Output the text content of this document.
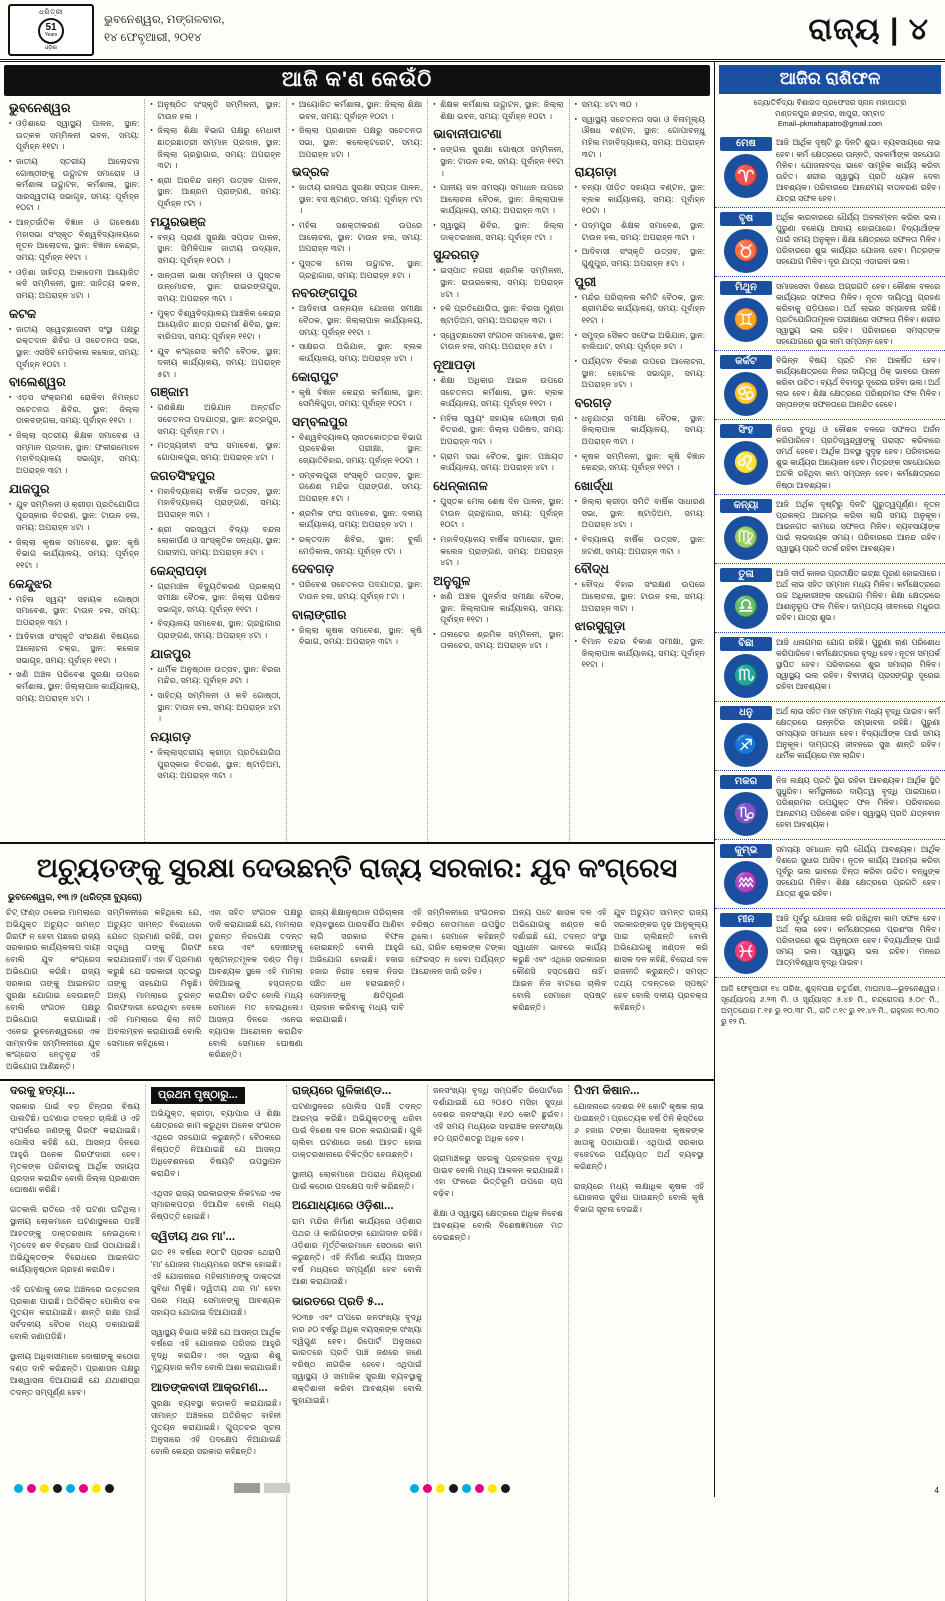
ଧରିତ୍ରୀ
51
Years
ଓଡ଼ିଶା
ଭୁବନେଶ୍ୱର, ମଙ୍ଗଳବାର,
୧୪ ଫେବୃଆରୀ, ୨୦୧୪	ରାଜ୍ୟ | ୪
ଆଜି କ'ଣ କେଉଁଠି
ଭୁବନେଶ୍ୱର
● ଓଡ଼ିଶାରେ ସ୍ୱାସ୍ଥ୍ୟ ପାଳନ, ସ୍ଥାନ: ଉତ୍କଳ ସମ୍ମିଳନୀ ଭବନ, ସମୟ: ପୂର୍ବାହ୍ନ ୧୧ଟା ।
● ଜାତୀୟ ସ୍ତରୀୟ ଆଲୋଚନା ଗୋଷ୍ଠୀଙ୍କୁ ଉଦ୍ଘାଟନ ସମାରୋହ ଓ କର୍ମଶାଳା ଉଦ୍ଘାଟନ, କର୍ମଶାଳା, ସ୍ଥାନ: ସାରସ୍ୱତୀୟ ସଭାଗୃହ, ସମୟ: ପୂର୍ବାହ୍ନ ୧୦ଟା ।
● ଆନ୍ତର୍ଜାତିକ ବିଜ୍ଞାନ ଓ ଗବେଷଣା ମହାସଭା ସଂସ୍କୃତ ବିଶ୍ୱବିଦ୍ୟାଳୟରେ ନୂତନ ଆଲୋଚନା, ସ୍ଥାନ: ବିଜ୍ଞାନ କେନ୍ଦ୍ର, ସମୟ: ପୂର୍ବାହ୍ନ ୧୧ଟା ।
● ଓଡ଼ିଶା ସାହିତ୍ୟ ଅକାଡେମୀ ଆୟୋଜିତ କବି ସମ୍ମିଳନୀ, ସ୍ଥାନ: ସାହିତ୍ୟ ଭବନ, ସମୟ: ଅପରାହ୍ନ ୪ଟା ।
କଟକ
● ଜାତୀୟ ସ୍ୱେଚ୍ଛାସେବୀ ସଂସ୍ଥା ପକ୍ଷରୁ ରକ୍ତଦାନ ଶିବିର ଓ ସଚେତନତା ସଭା, ସ୍ଥାନ: ଏସସିବି ମେଡ଼ିକାଲ କଲେଜ, ସମୟ: ପୂର୍ବାହ୍ନ ୧୦ଟା ।
ବାଲେଶ୍ୱର
● ଏଡ଼ସ ସଂକ୍ରମଣ ରୋକିବା ନିମନ୍ତେ ସଚେତନତା ଶିବିର, ସ୍ଥାନ: ଜିଲ୍ଲା ଡାକବଙ୍ଗଳା, ସମୟ: ପୂର୍ବାହ୍ନ ୧୧ଟା ।
● ଜିଲ୍ଲା ସ୍ତରୀୟ ଶିକ୍ଷକ ସମାବେଶ ଓ ସମ୍ମାନ ପ୍ରଦାନ, ସ୍ଥାନ: ଫକୀରମୋହନ ମହାବିଦ୍ୟାଳୟ ସଭାଗୃହ, ସମୟ: ଅପରାହ୍ନ ୩ଟା ।
ଯାଜପୁର
● ଯୁବ ସମ୍ମିଳନୀ ଓ କ୍ରୀଡ଼ା ପ୍ରତିଯୋଗିତା ପୁରସ୍କାର ବିତରଣ, ସ୍ଥାନ: ଟାଉନ ହଲ, ସମୟ: ଅପରାହ୍ନ ୪ଟା ।
● ଜିଲ୍ଲା କୃଷକ ସମାବେଶ, ସ୍ଥାନ: କୃଷି ବିଭାଗ କାର୍ଯ୍ୟାଳୟ, ସମୟ: ପୂର୍ବାହ୍ନ ୧୧ଟା ।
କେନ୍ଦୁଝର
● ମହିଳା ସ୍ୱୟଂ ସହାୟକ ଗୋଷ୍ଠୀ ସମାବେଶ, ସ୍ଥାନ: ଟାଉନ ହଲ, ସମୟ: ଅପରାହ୍ନ ୩ଟା ।
● ଆଦିବାସୀ ସଂସ୍କୃତି ସଂରକ୍ଷଣ ବିଷୟରେ ଆଲୋଚନା ଚକ୍ର, ସ୍ଥାନ: କଲେଜ ସଭାଗୃହ, ସମୟ: ପୂର୍ବାହ୍ନ ୧୧ଟା ।
● ଖଣି ଅଞ୍ଚଳ ପରିବେଶ ସୁରକ୍ଷା ଉପରେ କର୍ମଶାଳା, ସ୍ଥାନ: ଜିଲ୍ଲାପାଳ କାର୍ଯ୍ୟାଳୟ, ସମୟ: ଅପରାହ୍ନ ୪ଟା ।
● ଅନୁଷ୍ଠିତ ସଂସ୍କୃତି ସମ୍ମିଳନୀ, ସ୍ଥାନ: ଟାଉନ ହଲ ।
● ଜିଲ୍ଲା ଶିକ୍ଷା ବିଭାଗ ପକ୍ଷରୁ ମେଧାବୀ ଛାତ୍ରଛାତ୍ରୀ ସମ୍ମାନ ପ୍ରଦାନ, ସ୍ଥାନ: ଜିଲ୍ଲା ଗ୍ରନ୍ଥାଗାର, ସମୟ: ଅପରାହ୍ନ ୩ଟା ।
● ଶ୍ରୀ ଅରବିନ୍ଦ ଜନ୍ମ ଉତ୍ସବ ପାଳନ, ସ୍ଥାନ: ଆଶ୍ରମ ପ୍ରାଙ୍ଗଣ, ସମୟ: ପୂର୍ବାହ୍ନ ୯ଟା ।
ମୟୂରଭଞ୍ଜ
● ବନ୍ୟ ପ୍ରାଣୀ ସୁରକ୍ଷା ସପ୍ତାହ ପାଳନ, ସ୍ଥାନ: ସିମିଳିପାଳ ଜାତୀୟ ଉଦ୍ୟାନ, ସମୟ: ପୂର୍ବାହ୍ନ ୧୦ଟା ।
● ସାନ୍ତାଳୀ ଭାଷା ସମ୍ମିଳନୀ ଓ ପୁସ୍ତକ ଉନ୍ମୋଚନ, ସ୍ଥାନ: ରାଇରଙ୍ଗପୁର, ସମୟ: ଅପରାହ୍ନ ୩ଟା ।
● ମୁକ୍ତ ବିଶ୍ୱବିଦ୍ୟାଳୟ ଆଞ୍ଚଳିକ କେନ୍ଦ୍ର ଆୟୋଜିତ ଛାତ୍ର ପରାମର୍ଶ ଶିବିର, ସ୍ଥାନ: ବାରିପଦା, ସମୟ: ପୂର୍ବାହ୍ନ ୧୧ଟା ।
● ଯୁବ କଂଗ୍ରେସ କମିଟି ବୈଠକ, ସ୍ଥାନ: ଦଳୀୟ କାର୍ଯ୍ୟାଳୟ, ସମୟ: ଅପରାହ୍ନ ୫ଟା ।
ଗଞ୍ଜାମ
● ଗଣଶିକ୍ଷା ଅଭିଯାନ ଅନ୍ତର୍ଗତ ସଚେତନତା ପଦଯାତ୍ରା, ସ୍ଥାନ: ଛତ୍ରପୁର, ସମୟ: ପୂର୍ବାହ୍ନ ୮ଟା ।
● ମତ୍ସ୍ୟଜୀବୀ ସଂଘ ସମାବେଶ, ସ୍ଥାନ: ଗୋପାଳପୁର, ସମୟ: ଅପରାହ୍ନ ୪ଟା ।
ଜଗତସିଂହପୁର
● ମହାବିଦ୍ୟାଳୟ ବାର୍ଷିକ ଉତ୍ସବ, ସ୍ଥାନ: ମହାବିଦ୍ୟାଳୟ ପ୍ରାଙ୍ଗଣ, ସମୟ: ଅପରାହ୍ନ ୩ଟା ।
● ଶ୍ରୀ ସରସ୍ୱତୀ ବିଦ୍ୟା ବନ୍ଦନା ଲୋକାର୍ପଣ ଓ ସାଂସ୍କୃତିକ ସନ୍ଧ୍ୟା, ସ୍ଥାନ: ପାରାଦୀପ, ସମୟ: ଅପରାହ୍ନ ୫ଟା ।
କେନ୍ଦ୍ରାପଡ଼ା
● ଗ୍ରାମାଞ୍ଚଳ ବିଦ୍ୟୁତିକରଣ ପ୍ରକଲ୍ପ ସମୀକ୍ଷା ବୈଠକ, ସ୍ଥାନ: ଜିଲ୍ଲା ପରିଷଦ ସଭାଗୃହ, ସମୟ: ପୂର୍ବାହ୍ନ ୧୧ଟା ।
● ବିଦ୍ୟାଳୟ ସମାବେଶ, ସ୍ଥାନ: ଗ୍ରନ୍ଥାଗାର ପ୍ରାଙ୍ଗଣ, ସମୟ: ଅପରାହ୍ନ ୪ଟା ।
ଯାଜପୁର
● ଧାର୍ମିକ ଅନୁଷ୍ଠାନ ଉତ୍ସବ, ସ୍ଥାନ: ବିରଜା ମନ୍ଦିର, ସମୟ: ପୂର୍ବାହ୍ନ ୬ଟା ।
● ସାହିତ୍ୟ ସମ୍ମିଳନୀ ଓ କବି ଗୋଷ୍ଠୀ, ସ୍ଥାନ: ଟାଉନ ହଲ, ସମୟ: ଅପରାହ୍ନ ୪ଟା ।
ନୟାଗଡ଼
● ଜିଲ୍ଲାସ୍ତରୀୟ କ୍ରୀଡ଼ା ପ୍ରତିଯୋଗିତା ପୁରସ୍କାର ବିତରଣ, ସ୍ଥାନ: ଷ୍ଟାଡ଼ିଅମ, ସମୟ: ଅପରାହ୍ନ ୩ଟା ।
● ଆୟୋଜିତ କର୍ମଶାଳା, ସ୍ଥାନ: ଜିଲ୍ଲା ଶିକ୍ଷା ଭବନ, ସମୟ: ପୂର୍ବାହ୍ନ ୧୦ଟା ।
● ଜିଲ୍ଲା ପ୍ରଶାସନ ପକ୍ଷରୁ ସଚେତନତା ସଭା, ସ୍ଥାନ: କଲେକ୍ଟରେଟ, ସମୟ: ଅପରାହ୍ନ ୪ଟା ।
ଭଦ୍ରକ
● ଜାତୀୟ ରାଜପଥ ସୁରକ୍ଷା ସପ୍ତାହ ପାଳନ, ସ୍ଥାନ: ବସ ଷ୍ଟାଣ୍ଡ, ସମୟ: ପୂର୍ବାହ୍ନ ୯ଟା ।
● ମହିଳା ସଶକ୍ତୀକରଣ ଉପରେ ଆଲୋଚନା, ସ୍ଥାନ: ଟାଉନ ହଲ, ସମୟ: ଅପରାହ୍ନ ୩ଟା ।
● ପୁସ୍ତକ ମେଳା ଉଦ୍ଘାଟନ, ସ୍ଥାନ: ଗ୍ରନ୍ଥାଗାର, ସମୟ: ଅପରାହ୍ନ ୫ଟା ।
ନବରଙ୍ଗପୁର
● ଆଦିବାସୀ ଉନ୍ନୟନ ଯୋଜନା ସମୀକ୍ଷା ବୈଠକ, ସ୍ଥାନ: ଜିଲ୍ଲାପାଳ କାର୍ଯ୍ୟାଳୟ, ସମୟ: ପୂର୍ବାହ୍ନ ୧୧ଟା ।
● ସାକ୍ଷରତା ଅଭିଯାନ, ସ୍ଥାନ: ବ୍ଲକ କାର୍ଯ୍ୟାଳୟ, ସମୟ: ଅପରାହ୍ନ ୪ଟା ।
କୋରାପୁଟ
● କୃଷି ବିଜ୍ଞାନ କେନ୍ଦ୍ର କର୍ମଶାଳା, ସ୍ଥାନ: ସେମିଳିଗୁଡ଼ା, ସମୟ: ପୂର୍ବାହ୍ନ ୧୦ଟା ।
ସମ୍ବଲପୁର
● ବିଶ୍ୱବିଦ୍ୟାଳୟ ସ୍ନାତକୋତ୍ତର ବିଭାଗ ପ୍ରବେଶିକା ପରୀକ୍ଷା, ସ୍ଥାନ: ଜ୍ୟୋତିବିହାର, ସମୟ: ପୂର୍ବାହ୍ନ ୧୦ଟା ।
● ସମ୍ବଲପୁରୀ ସଂସ୍କୃତି ଉତ୍ସବ, ସ୍ଥାନ: ଗଣେଶ ମନ୍ଦିର ପ୍ରାଙ୍ଗଣ, ସମୟ: ଅପରାହ୍ନ ୫ଟା ।
● ଶ୍ରମିକ ସଂଘ ସମାବେଶ, ସ୍ଥାନ: ଦଳୀୟ କାର୍ଯ୍ୟାଳୟ, ସମୟ: ଅପରାହ୍ନ ୪ଟା ।
● ରକ୍ତଦାନ ଶିବିର, ସ୍ଥାନ: ବୁର୍ଲା ମେଡ଼ିକାଲ, ସମୟ: ପୂର୍ବାହ୍ନ ୯ଟା ।
ଦେବଗଡ଼
● ପରିବେଶ ସଚେତନତା ପଦଯାତ୍ରା, ସ୍ଥାନ: ଟାଉନ ହଲ, ସମୟ: ପୂର୍ବାହ୍ନ ୮ଟା ।
ବାଲାଙ୍ଗୀର
● ଜିଲ୍ଲା କୃଷକ ସମାବେଶ, ସ୍ଥାନ: କୃଷି ବିଭାଗ, ସମୟ: ଅପରାହ୍ନ ୩ଟା ।
● ଶିକ୍ଷକ କର୍ମଶାଳା ଉଦ୍ଘାଟନ, ସ୍ଥାନ: ଜିଲ୍ଲା ଶିକ୍ଷା ଭବନ, ସମୟ: ପୂର୍ବାହ୍ନ ୧୦ଟା ।
ଭାବାନୀପାଟଣା
● ଜଙ୍ଗଲ ସୁରକ୍ଷା ଗୋଷ୍ଠୀ ସମ୍ମିଳନୀ, ସ୍ଥାନ: ଟାଉନ ହଲ, ସମୟ: ପୂର୍ବାହ୍ନ ୧୧ଟା ।
● ପାନୀୟ ଜଳ ସମସ୍ୟା ସମାଧାନ ଉପରେ ଆଲୋଚନା ବୈଠକ, ସ୍ଥାନ: ଜିଲ୍ଲାପାଳ କାର୍ଯ୍ୟାଳୟ, ସମୟ: ଅପରାହ୍ନ ୩ଟା ।
● ସ୍ୱାସ୍ଥ୍ୟ ଶିବିର, ସ୍ଥାନ: ଜିଲ୍ଲା ଡାକ୍ତରଖାନା, ସମୟ: ପୂର୍ବାହ୍ନ ୯ଟା ।
ସୁନ୍ଦରଗଡ଼
● ଇସ୍ପାତ ନଗରୀ ଶ୍ରମିକ ସମ୍ମିଳନୀ, ସ୍ଥାନ: ରାଉରକେଲା, ସମୟ: ଅପରାହ୍ନ ୪ଟା ।
● ହକି ପ୍ରତିଯୋଗିତା, ସ୍ଥାନ: ବିରସା ମୁଣ୍ଡା ଷ୍ଟାଡ଼ିଅମ, ସମୟ: ଅପରାହ୍ନ ୩ଟା ।
● ସ୍ୱେଚ୍ଛାସେବୀ ସଂଗଠନ ସମାବେଶ, ସ୍ଥାନ: ଟାଉନ ହଲ, ସମୟ: ଅପରାହ୍ନ ୫ଟା ।
ନୂଆପଡ଼ା
● ଶିକ୍ଷା ଅଧିକାର ଆଇନ ଉପରେ ସଚେତନତା କର୍ମଶାଳା, ସ୍ଥାନ: ବ୍ଲକ କାର୍ଯ୍ୟାଳୟ, ସମୟ: ପୂର୍ବାହ୍ନ ୧୧ଟା ।
● ମହିଳା ସ୍ୱୟଂ ସହାୟକ ଗୋଷ୍ଠୀ ଋଣ ବିତରଣ, ସ୍ଥାନ: ଜିଲ୍ଲା ପରିଷଦ, ସମୟ: ଅପରାହ୍ନ ୩ଟା ।
● ଗ୍ରାମ ସଭା ବୈଠକ, ସ୍ଥାନ: ପଞ୍ଚାୟତ କାର୍ଯ୍ୟାଳୟ, ସମୟ: ଅପରାହ୍ନ ୪ଟା ।
ଧେନ୍କାନାଳ
● ପୁସ୍ତକ ମେଳା ଶେଷ ଦିନ ପାଳନ, ସ୍ଥାନ: ଟାଉନ ଗ୍ରନ୍ଥାଗାର, ସମୟ: ପୂର୍ବାହ୍ନ ୧୦ଟା ।
● ମହାବିଦ୍ୟାଳୟ ବାର୍ଷିକ ସମାରୋହ, ସ୍ଥାନ: କଲେଜ ପ୍ରାଙ୍ଗଣ, ସମୟ: ଅପରାହ୍ନ ୪ଟା ।
ଅନୁଗୁଳ
● ଖଣି ଅଞ୍ଚଳ ପୁନର୍ବାସ ସମୀକ୍ଷା ବୈଠକ, ସ୍ଥାନ: ଜିଲ୍ଲାପାଳ କାର୍ଯ୍ୟାଳୟ, ସମୟ: ପୂର୍ବାହ୍ନ ୧୧ଟା ।
● ତାଲଚେର ଶ୍ରମିକ ସମ୍ମିଳନୀ, ସ୍ଥାନ: ତାଲଚେର, ସମୟ: ଅପରାହ୍ନ ୪ଟା ।
● ସମୟ: ୪ଟା ୩୦ ।
● ସ୍ୱାସ୍ଥ୍ୟ ସଚେତନତା ସଭା ଓ ବିନାମୂଲ୍ୟ ଔଷଧ ବଣ୍ଟନ, ସ୍ଥାନ: ଗୋପାବନ୍ଧୁ ମହିଳା ମହାବିଦ୍ୟାଳୟ, ସମୟ: ଅପରାହ୍ନ ୩ଟା ।
ରାୟଗଡ଼ା
● ବନ୍ୟା ପୀଡ଼ିତ ସହାୟତା ବଣ୍ଟନ, ସ୍ଥାନ: ବ୍ଲକ କାର୍ଯ୍ୟାଳୟ, ସମୟ: ପୂର୍ବାହ୍ନ ୧୦ଟା ।
● ପଦ୍ମପୁର ଶିକ୍ଷକ ସମାବେଶ, ସ୍ଥାନ: ଟାଉନ ହଲ, ସମୟ: ଅପରାହ୍ନ ୩ଟା ।
● ଆଦିବାସୀ ସଂସ୍କୃତି ଉତ୍ସବ, ସ୍ଥାନ: ଗୁଣୁପୁର, ସମୟ: ଅପରାହ୍ନ ୫ଟା ।
ପୁରୀ
● ମନ୍ଦିର ପରିଚାଳନା କମିଟି ବୈଠକ, ସ୍ଥାନ: ଶ୍ରୀମନ୍ଦିର କାର୍ଯ୍ୟାଳୟ, ସମୟ: ପୂର୍ବାହ୍ନ ୧୧ଟା ।
● ସମୁଦ୍ର ସୈକତ ସଫେଇ ଅଭିଯାନ, ସ୍ଥାନ: ବାଲିଘାଟ, ସମୟ: ପୂର୍ବାହ୍ନ ୭ଟା ।
● ପର୍ଯ୍ୟଟନ ବିକାଶ ଉପରେ ଆଲୋଚନା, ସ୍ଥାନ: ହୋଟେଲ ସଭାଗୃହ, ସମୟ: ଅପରାହ୍ନ ୪ଟା ।
ବରଗଡ଼
● ଧନୁଯାତ୍ରା ସମୀକ୍ଷା ବୈଠକ, ସ୍ଥାନ: ଜିଲ୍ଲାପାଳ କାର୍ଯ୍ୟାଳୟ, ସମୟ: ଅପରାହ୍ନ ୩ଟା ।
● କୃଷକ ସମ୍ମିଳନୀ, ସ୍ଥାନ: କୃଷି ବିଜ୍ଞାନ କେନ୍ଦ୍ର, ସମୟ: ପୂର୍ବାହ୍ନ ୧୧ଟା ।
ଖୋର୍ଦ୍ଧା
● ଜିଲ୍ଲା କ୍ରୀଡ଼ା ସମିତି ବାର୍ଷିକ ସାଧାରଣ ସଭା, ସ୍ଥାନ: ଷ୍ଟାଡ଼ିଅମ, ସମୟ: ଅପରାହ୍ନ ୪ଟା ।
● ବିଦ୍ୟାଳୟ ବାର୍ଷିକ ଉତ୍ସବ, ସ୍ଥାନ: ଜଟଣୀ, ସମୟ: ଅପରାହ୍ନ ୩ଟା ।
ବୌଦ୍ଧ
● ବୌଦ୍ଧ ବିହାର ସଂରକ୍ଷଣ ଉପରେ ଆଲୋଚନା, ସ୍ଥାନ: ଟାଉନ ହଲ, ସମୟ: ଅପରାହ୍ନ ୩ଟା ।
ଝାରସୁଗୁଡ଼ା
● ବିମାନ ବନ୍ଦର ବିକାଶ ସମୀକ୍ଷା, ସ୍ଥାନ: ଜିଲ୍ଲାପାଳ କାର୍ଯ୍ୟାଳୟ, ସମୟ: ପୂର୍ବାହ୍ନ ୧୧ଟା ।
ଅଚ୍ୟୁତଙ୍କୁ ସୁରକ୍ଷା ଦେଉଛନ୍ତି ରାଜ୍ୟ ସରକାର: ଯୁବ କଂଗ୍ରେସ
ଭୁବନେଶ୍ୱର, ୧୩।୨ (ଧରିତ୍ରୀ ବ୍ୟୁରୋ)

ଚିଟ୍ ଫଣ୍ଡ ଠକେଇ ମାମଲାରେ ଅଭିଯୁକ୍ତ ଅଚ୍ୟୁତ ସାମନ୍ତ ଗିରଫ ନ ହେବା ପଛରେ ରାଜ୍ୟ ସରକାରର କାର୍ଯ୍ୟକଳାପ ଦାୟୀ ବୋଲି ଯୁବ କଂଗ୍ରେସ ଅଭିଯୋଗ କରିଛି। ରାଜ୍ୟ ସରକାର ତାଙ୍କୁ ଆଇନଗତ ସୁରକ୍ଷା ଯୋଗାଇ ଦେଉଛନ୍ତି ବୋଲି ସଂଗଠନ ପକ୍ଷରୁ ଅଭିଯୋଗ କରାଯାଇଛି। ଏନେଇ ଭୁବନେଶ୍ୱରରେ ଏକ ସାମ୍ବାଦିକ ସମ୍ମିଳନୀରେ ଯୁବ କଂଗ୍ରେସ ନେତୃବୃନ୍ଦ ଏହି ଅଭିଯୋଗ ଆଣିଛନ୍ତି।

ସମ୍ମିଳନୀରେ କହିଥିଲେ ଯେ, ଅଚ୍ୟୁତ ସାମନ୍ତ ବିରୋଧରେ ଯେତେ ପ୍ରମାଣ ରହିଛି, ତାହା ସତ୍ତ୍ୱେ ତାଙ୍କୁ ଗିରଫ କରାଯାଉନାହିଁ। ଏହା ହିଁ ପ୍ରମାଣ କରୁଛି ଯେ ସରକାରୀ ସ୍ତରରୁ ତାଙ୍କୁ ସହଯୋଗ ମିଳୁଛି। ଅନ୍ୟ ମାମଲାରେ ତୁରନ୍ତ ଗିରଫଦାରୀ ହେଉଥିବା ବେଳେ ଏହି ମାମଲାରେ ଢିଲା ନୀତି ଅବଲମ୍ବନ କରାଯାଉଛି ବୋଲି ସେମାନେ କହିଥିଲେ।

ଏହା ସହିତ ସଂଗଠନ ପକ୍ଷରୁ ଦାବି କରାଯାଇଛି ଯେ, ମାମଲାର ତୁରନ୍ତ ନିରପେକ୍ଷ ତଦନ୍ତ ହେଉ ଏବଂ ଦୋଷୀଙ୍କୁ ଦୃଷ୍ଟାନ୍ତମୂଳକ ଦଣ୍ଡ ମିଳୁ। ଆବଶ୍ୟକ ସ୍ଥଳେ ଏହି ମାମଲା ସିବିଆଇକୁ ହସ୍ତାନ୍ତର କରାଯିବା ଉଚିତ ବୋଲି ମଧ୍ୟ ସେମାନେ ମତ ଦେଇଥିଲେ। ଆସନ୍ତା ଦିନରେ ଏନେଇ ବ୍ୟାପକ ଆନ୍ଦୋଳନ କରାଯିବ ବୋଲି ସେମାନେ ଘୋଷଣା କରିଛନ୍ତି।

ରାଜ୍ୟ ଶିକ୍ଷାନୁଷ୍ଠାନ ପରିଚାଳନା ବ୍ୟବସ୍ଥାରେ ପାରଦର୍ଶିତା ଆଣିବା ଲାଗି ସରକାର ବିଫଳ ହୋଇଛନ୍ତି ବୋଲି ଆହୁରି ଅଭିଯୋଗ ହୋଇଛି। ହଜାର ହଜାର ନିରୀହ ଲୋକ ନିଜର ସଞ୍ଚିତ ଧନ ହରାଇଛନ୍ତି। ସେମାନଙ୍କୁ କ୍ଷତିପୂରଣ ପ୍ରଦାନ କରିବାକୁ ମଧ୍ୟ ଦାବି କରାଯାଇଛି।

ଏହି ସମ୍ମିଳନୀରେ ସଂଗଠନର ବରିଷ୍ଠ ନେତାମାନେ ଉପସ୍ଥିତ ଥିଲେ। ସେମାନେ କହିଛନ୍ତି ଯେ, ଗରିବ ଲୋକଙ୍କ ଟଙ୍କା ଫେରସ୍ତ ନ ହେବା ପର୍ଯ୍ୟନ୍ତ ଆନ୍ଦୋଳନ ଜାରି ରହିବ।

ଅନ୍ୟ ପଟେ ଶାସକ ଦଳ ଏହି ଅଭିଯୋଗକୁ ଖଣ୍ଡନ କରି ଦର୍ଶାଇଛି ଯେ, ତଦନ୍ତ ସଂସ୍ଥା ସ୍ୱାଧୀନ ଭାବରେ କାର୍ଯ୍ୟ କରୁଛି ଏବଂ ଏଥିରେ ସରକାରର କୌଣସି ହସ୍ତକ୍ଷେପ ନାହିଁ। ଆଇନ ନିଜ ବାଟରେ ଚାଲିବ ବୋଲି ସେମାନେ ସ୍ପଷ୍ଟ କରିଛନ୍ତି।

ଯୁବ ଅଚ୍ୟୁତ ସାମନ୍ତ ରାଜ୍ୟ ସରକାରଙ୍କର ଦୃଢ଼ ଆନୁକୂଲ୍ୟ ପାଇ ଚାଲିଛନ୍ତି ବୋଲି ଅଭିଯୋଗକୁ ଖଣ୍ଡନ କରି ଶାସକ ଦଳ କହିଛି, ବିରୋଧୀ ଦଳ ରାଜନୀତି କରୁଛନ୍ତି। ସମସ୍ତ ତଥ୍ୟ ତଦନ୍ତରେ ସ୍ପଷ୍ଟ ହେବ ବୋଲି ଦଳୀୟ ପ୍ରବକ୍ତା କହିଛନ୍ତି।

ଦରକୁ ହତ୍ୟା...

ସରକାର ପାଇଁ ବଡ଼ ଚିନ୍ତାର ବିଷୟ ପାଲଟିଛି। ଘଟଣାର ତଦନ୍ତ ଚାଲିଛି ଓ ଏହି ସଂପର୍କରେ ଜଣଙ୍କୁ ଗିରଫ କରାଯାଇଛି। ପୋଲିସ କହିଛି ଯେ, ଆସନ୍ତା ଦିନରେ ଆହୁରି ଅନେକ ଗିରଫଦାରୀ ହେବ। ମୃତକଙ୍କ ପରିବାରକୁ ଆର୍ଥିକ ସହାୟତା ପ୍ରଦାନ କରାଯିବ ବୋଲି ଜିଲ୍ଲା ପ୍ରଶାସନ ଘୋଷଣା କରିଛି।

ଗତକାଲି ରାତିରେ ଏହି ଘଟଣା ଘଟିଥିଲା। ସ୍ଥାନୀୟ ଲୋକମାନେ ଘଟଣାସ୍ଥଳରେ ପହଞ୍ଚି ଆହତଙ୍କୁ ଡାକ୍ତରଖାନା ନେଇଥିଲେ। ମୃତଦେହ ଶବ ବିଚ୍ଛେଦ ପାଇଁ ପଠାଯାଇଛି। ଅଭିଯୁକ୍ତଙ୍କ ବିରୋଧରେ ଆଇନଗତ କାର୍ଯ୍ୟାନୁଷ୍ଠାନ ଗ୍ରହଣ କରାଯିବ।

ଏହି ଘଟଣାକୁ ନେଇ ଅଞ୍ଚଳରେ ଉତ୍ତେଜନା ପ୍ରକାଶ ପାଇଛି। ଅତିରିକ୍ତ ପୋଲିସ ବଳ ମୁତୟନ କରାଯାଇଛି। ଶାନ୍ତି ରକ୍ଷା ପାଇଁ ସର୍ବଦଳୀୟ ବୈଠକ ମଧ୍ୟ ଡକାଯାଇଛି ବୋଲି ଜଣାପଡ଼ିଛି।

ସ୍ଥାନୀୟ ଅଧିବାସୀମାନେ ଦୋଷୀଙ୍କୁ କଠୋର ଦଣ୍ଡ ଦାବି କରିଛନ୍ତି। ପ୍ରଶାସନ ପକ୍ଷରୁ ଆଶ୍ୱାସନା ଦିଆଯାଇଛି ଯେ ଯଥାଶୀଘ୍ର ତଦନ୍ତ ସମ୍ପୂର୍ଣ୍ଣ ହେବ।

ପ୍ରଥମ ପୃଷ୍ଠାରୁ...

ଅଭିଯୁକ୍ତ, କ୍ରୀଡ଼ା, ବ୍ୟାପାର ଓ ଶିକ୍ଷା କ୍ଷେତ୍ରରେ କାମ କରୁଥିବା ଅନେକ ସଂଗଠନ ଏଥିରେ ସହଯୋଗ କରୁଛନ୍ତି। ବୈଠକରେ ନିଷ୍ପତ୍ତି ନିଆଯାଇଛି ଯେ ଆସନ୍ତା ଅଧିବେଶନରେ ବିଷୟଟି ଉପସ୍ଥାପନ କରାଯିବ।

ଏଥିସହ ରାଜ୍ୟ ସରକାରଙ୍କ ନିକଟରେ ଏକ ସ୍ମାରକପତ୍ର ଦିଆଯିବ ବୋଲି ମଧ୍ୟ ନିଷ୍ପତ୍ତି ହୋଇଛି।

ଦ୍ୱିତୀୟ ଥର ମା'...

ଗତ ୧୨ ବର୍ଷରେ ୧୦୮ଟି ପ୍ରସବ ଥେରାପି 'ମା' ଯୋଜନା ମାଧ୍ୟମରେ ସଫଳ ହୋଇଛି। ଏହି ଯୋଜନାରେ ମହିଳାମାନଙ୍କୁ ଡାକ୍ତରୀ ସୁବିଧା ମିଳୁଛି। ଦ୍ୱିତୀୟ ଥର ମା' ହେବା ପରେ ମଧ୍ୟ ସେମାନଙ୍କୁ ଆବଶ୍ୟକ ସହାୟତା ଯୋଗାଇ ଦିଆଯାଉଛି।

ସ୍ୱାସ୍ଥ୍ୟ ବିଭାଗ କହିଛି ଯେ ଆସନ୍ତା ଆର୍ଥିକ ବର୍ଷରେ ଏହି ଯୋଜନାର ପରିସର ଆହୁରି ବୃଦ୍ଧି କରାଯିବ। ଏହା ଦ୍ୱାରା ଶିଶୁ ମୃତ୍ୟୁହାର କମିବ ବୋଲି ଆଶା କରାଯାଉଛି।

ଆତଙ୍କବାଦୀ ଆକ୍ରମଣ...

ସୁରକ୍ଷା ବ୍ୟବସ୍ଥା କଡ଼ାକଡ଼ି କରାଯାଇଛି। ସୀମାନ୍ତ ଅଞ୍ଚଳରେ ଅତିରିକ୍ତ ବାହିନୀ ମୁତୟନ କରାଯାଇଛି। ଗୁପ୍ତଚର ସୂଚନା ଅନୁସାରେ ଏହି ପଦକ୍ଷେପ ନିଆଯାଇଛି ବୋଲି କେନ୍ଦ୍ର ସରକାର କହିଛନ୍ତି।

ରାଜ୍ୟରେ ଗୁଳିକାଣ୍ଡ...

ଘଟଣାସ୍ଥଳରେ ପୋଲିସ ପହଞ୍ଚି ତଦନ୍ତ ଆରମ୍ଭ କରିଛି। ଅଭିଯୁକ୍ତଙ୍କୁ ଧରିବା ପାଇଁ ବିଶେଷ ଦଳ ଗଠନ କରାଯାଇଛି। ଗୁଳି ଚାଲିବା ଘଟଣାରେ ଜଣେ ଆହତ ହୋଇ ଡାକ୍ତରଖାନାରେ ଚିକିତ୍ସିତ ହେଉଛନ୍ତି।

ସ୍ଥାନୀୟ ଲୋକମାନେ ଅପରାଧ ନିୟନ୍ତ୍ରଣ ପାଇଁ କଠୋର ପଦକ୍ଷେପ ଦାବି କରିଛନ୍ତି।

ଅଯୋଧ୍ୟାରେ ଓଡ଼ିଶା...

ରାମ ମନ୍ଦିର ନିର୍ମାଣ କାର୍ଯ୍ୟରେ ଓଡ଼ିଶାର ପଥର ଓ କାରିଗରଙ୍କ ଯୋଗଦାନ ରହିଛି। ଓଡ଼ିଶାର ମୂର୍ତ୍ତିକାରମାନେ ସେଠାରେ କାମ କରୁଛନ୍ତି। ଏହି ନିର୍ମାଣ କାର୍ଯ୍ୟ ଆସନ୍ତା ବର୍ଷ ମଧ୍ୟରେ ସମ୍ପୂର୍ଣ୍ଣ ହେବ ବୋଲି ଆଶା କରାଯାଉଛି।

ଭାରତରେ ପ୍ରତି ୫...

୨୦୩୭ ଏବଂ ତା'ପରେ ଜନସଂଖ୍ୟା ବୃଦ୍ଧି ହାର ୬୦ ବର୍ଷରୁ ଅଧିକ ବୟସ୍କଙ୍କ ସଂଖ୍ୟା ଦ୍ୱିଗୁଣ ହେବ। ରିପୋର୍ଟ ଅନୁସାରେ ଭାରତରେ ପ୍ରତି ପାଞ୍ଚ ଜଣରେ ଜଣେ ବରିଷ୍ଠ ନାଗରିକ ହେବେ। ଏଥିପାଇଁ ସ୍ୱାସ୍ଥ୍ୟ ଓ ସାମାଜିକ ସୁରକ୍ଷା ବ୍ୟବସ୍ଥାକୁ ଶକ୍ତିଶାଳୀ କରିବା ଆବଶ୍ୟକ ବୋଲି କୁହାଯାଇଛି।

ଜନସଂଖ୍ୟା ବୃଦ୍ଧି ସମ୍ପର୍କିତ ରିପୋର୍ଟରେ ଦର୍ଶାଯାଇଛି ଯେ ୨୦୫୦ ମସିହା ସୁଦ୍ଧା ଦେଶର ଜନସଂଖ୍ୟା ୧୬୦ କୋଟି ଛୁଇଁବ। ଏହି ସମୟ ମଧ୍ୟରେ ସହରାଞ୍ଚଳ ଜନସଂଖ୍ୟା ୫୦ ପ୍ରତିଶତରୁ ଅଧିକ ହେବ।

ଗ୍ରାମାଞ୍ଚଳରୁ ସହରକୁ ପ୍ରବ୍ରଜନ ବୃଦ୍ଧି ପାଇବ ବୋଲି ମଧ୍ୟ ଆକଳନ କରାଯାଇଛି। ଏହା ଫଳରେ ଭିତ୍ତିଭୂମି ଉପରେ ଚାପ ବଢ଼ିବ।

ଶିକ୍ଷା ଓ ସ୍ୱାସ୍ଥ୍ୟ କ୍ଷେତ୍ରରେ ଅଧିକ ନିବେଶ ଆବଶ୍ୟକ ବୋଲି ବିଶେଷଜ୍ଞମାନେ ମତ ଦେଇଛନ୍ତି।

ପିଏମ କିଷାନ...

ଯୋଜନାରେ ଦେଶର ୧୧ କୋଟି କୃଷକ ଲାଭ ପାଇଛନ୍ତି। ପ୍ରତ୍ୟେକ ବର୍ଷ ତିନି କିସ୍ତିରେ ୬ ହଜାର ଟଙ୍କା ସିଧାସଳଖ କୃଷକଙ୍କ ଖାତାକୁ ପଠାଯାଉଛି। ଏଥିପାଇଁ ସରକାର ବଜେଟରେ ପର୍ଯ୍ୟାପ୍ତ ଅର୍ଥ ବ୍ୟବସ୍ଥା କରିଛନ୍ତି।

ରାଜ୍ୟରେ ମଧ୍ୟ ଲକ୍ଷାଧିକ କୃଷକ ଏହି ଯୋଜନାର ସୁବିଧା ପାଉଛନ୍ତି ବୋଲି କୃଷି ବିଭାଗ ସୂଚନା ଦେଇଛି।

ଆଜିର ରାଶିଫଳ
ଜ୍ୟୋତିର୍ବିଦ୍ୟା ବିଶାରଦ ପ୍ରଫେସର ସ୍ନାନ ମହାପାତ୍ର
ମଣ୍ଡଳପୁର ଶଙ୍କର, ଖାପୁରା, ସମ୍ବାଦ
Email–pkmahapatro@gmail.com
ମେଷ
♈
ଆଜି ଆର୍ଥିକ ଦୃଷ୍ଟି ରୁ ଦିନଟି ଶୁଭ। ବ୍ୟବସାୟରେ ଲାଭ ହେବ। କର୍ମ କ୍ଷେତ୍ରରେ ଉନ୍ନତି, ସହକର୍ମୀଙ୍କ ସହଯୋଗ ମିଳିବ। ଯୋଜନାବଦ୍ଧ ଭାବେ ସାମୂହିକ କାର୍ଯ୍ୟ କରିବା ଉଚିତ। ଶରୀର ସ୍ୱାସ୍ଥ୍ୟ ପ୍ରତି ଧ୍ୟାନ ଦେବା ଆବଶ୍ୟକ। ପରିବାରରେ ଆନନ୍ଦମୟ ବାତାବରଣ ରହିବ। ଯାତ୍ରା ସଫଳ ହେବ।
ବୃଷ
♉
ଅର୍ଥିକ କାରବାରରେ ଧୈର୍ଯ୍ୟ ଅବଲମ୍ବନ କରିବା ଭଲ। ପୁରୁଣା ବକେୟା ଆଦାୟ ହୋଇପାରେ। ବିଦ୍ୟାର୍ଥୀଙ୍କ ପାଇଁ ସମୟ ଅନୁକୂଳ। ଶିକ୍ଷା କ୍ଷେତ୍ରରେ ସଫଳତା ମିଳିବ। ପରିବାରରେ ଶୁଭ କାର୍ଯ୍ୟର ଯୋଜନା ହେବ। ମିତ୍ରଙ୍କ ସହଯୋଗ ମିଳିବ। ଦୂର ଯାତ୍ରା ଏଡ଼ାଇବା ଭଲ।
ମିଥୁନ
♊
ସମାଜସେବା ଦିଶରେ ଅଗ୍ରଗତି ହେବ। କୌଶଳ ବଳରେ କାର୍ଯ୍ୟରେ ସଫଳତା ମିଳିବ। ନୂତନ ଦାୟିତ୍ୱ ଗ୍ରହଣ କରିବାକୁ ପଡ଼ିପାରେ। ଅର୍ଥ ଲାଭର ସମ୍ଭାବନା ରହିଛି। ପ୍ରତିଯୋଗିତାମୂଳକ ପରୀକ୍ଷାରେ ସଫଳତା ମିଳିବ। ଶରୀର ସ୍ୱାସ୍ଥ୍ୟ ଭଲ ରହିବ। ପରିବାରରେ ସମସ୍ତଙ୍କ ସହଯୋଗରେ ଶୁଭ କାମ ସମ୍ପନ୍ନ ହେବ।
କର୍କଟ
♋
ବିଭିନ୍ନ ବିଷୟ ପ୍ରତି ମନ ଆକର୍ଷିତ ହେବ। କାର୍ଯ୍ୟକ୍ଷେତ୍ରରେ ନିଜର ଦାୟିତ୍ୱ ଠିକ୍ ଭାବରେ ପାଳନ କରିବା ଉଚିତ। ବ୍ୟର୍ଥ ବିବାଦରୁ ଦୂରେଇ ରହିବା ଭଲ। ଅର୍ଥ ଲାଭ ହେବ। ଶିକ୍ଷା କ୍ଷେତ୍ରରେ ପରିଶ୍ରମର ଫଳ ମିଳିବ। ସନ୍ତାନଙ୍କ ସଫଳତାରେ ଆନନ୍ଦିତ ହେବେ।
ସିଂହ
♌
ନିଜର ବୁଦ୍ଧି ଓ କୌଶଳ ବଳରେ ସଫଳତା ଅର୍ଜନ କରିପାରିବେ। ପ୍ରତିଦ୍ୱନ୍ଦ୍ୱୀଙ୍କୁ ପରାସ୍ତ କରିବାରେ ସମର୍ଥ ହେବେ। ଆର୍ଥିକ ଅବସ୍ଥା ସୁଦୃଢ଼ ହେବ। ପରିବାରରେ ଶୁଭ କାର୍ଯ୍ୟର ଆୟୋଜନ ହେବ। ମିତ୍ରଙ୍କ ସହଯୋଗରେ ଅଟକି ରହିଥିବା କାମ ସମ୍ପନ୍ନ ହେବ। କର୍ମକ୍ଷେତ୍ରରେ ନିଷ୍ଠା ଆବଶ୍ୟକ।
କନ୍ୟା
♍
ଆଜି ଅର୍ଥିକ ଦୃଷ୍ଟିରୁ ଦିନଟି ଗୁରୁତ୍ୱପୂର୍ଣ୍ଣ। ନୂତନ ପ୍ରକଳ୍ପ ଆରମ୍ଭ କରିବା ଲାଗି ସମୟ ଅନୁକୂଳ। ଆଇନଗତ କାମରେ ସଫଳତା ମିଳିବ। ବ୍ୟବସାୟୀଙ୍କ ପାଇଁ ଲାଭଦାୟକ ସମୟ। ପରିବାରରେ ଆନନ୍ଦ ରହିବ। ସ୍ୱାସ୍ଥ୍ୟ ପ୍ରତି ସତର୍କ ରହିବା ଆବଶ୍ୟକ।
ତୁଳା
♎
ଆଜି ଦୀର୍ଘ କାଳର ପ୍ରତୀକ୍ଷିତ ଇଚ୍ଛା ପୂରଣ ହୋଇପାରେ। ଅର୍ଥ ଲାଭ ସହିତ ସମ୍ମାନ ମଧ୍ୟ ମିଳିବ। କର୍ମକ୍ଷେତ୍ରରେ ଉଚ୍ଚ ଅଧିକାରୀଙ୍କ ସହଯୋଗ ମିଳିବ। ଶିକ୍ଷା କ୍ଷେତ୍ରରେ ଆଶାନୁରୂପ ଫଳ ମିଳିବ। ଦାମ୍ପତ୍ୟ ଜୀବନରେ ମଧୁରତା ରହିବ। ଯାତ୍ରା ଶୁଭ।
ବିଛା
♏
ଆଜି ଧନାଗମର ଯୋଗ ରହିଛି। ପୁରୁଣା ଋଣ ପରିଶୋଧ କରିପାରିବେ। କର୍ମକ୍ଷେତ୍ରରେ ବୃଦ୍ଧି ହେବ। ନୂତନ ସମ୍ପର୍କ ସ୍ଥାପିତ ହେବ। ପରିବାରରେ ଶୁଭ ସମାଚାର ମିଳିବ। ସ୍ୱାସ୍ଥ୍ୟ ଭଲ ରହିବ। ବିବାଦୀୟ ପ୍ରସଙ୍ଗରୁ ଦୂରେଇ ରହିବା ଆବଶ୍ୟକ।
ଧନୁ
♐
ଅର୍ଥ ଲାଭ ସହିତ ମାନ ସମ୍ମାନ ମଧ୍ୟ ବୃଦ୍ଧି ପାଇବ। କର୍ମ କ୍ଷେତ୍ରରେ ଉନ୍ନତିର ସମ୍ଭାବନା ରହିଛି। ପୁରୁଣା ସମସ୍ୟାର ସମାଧାନ ହେବ। ବିଦ୍ୟାର୍ଥୀଙ୍କ ପାଇଁ ସମୟ ଅନୁକୂଳ। ଦାମ୍ପତ୍ୟ ଜୀବନରେ ସୁଖ ଶାନ୍ତି ରହିବ। ଧାର୍ମିକ କାର୍ଯ୍ୟରେ ମନ ଲାଗିବ।
ମକର
♑
ନିଜ ଲକ୍ଷ୍ୟ ପ୍ରତି ସ୍ଥିର ରହିବା ଆବଶ୍ୟକ। ଆର୍ଥିକ ସ୍ଥିତି ସୁଧୁରିବ। କର୍ମସ୍ଥଳୀରେ ଦାୟିତ୍ୱ ବୃଦ୍ଧି ପାଇପାରେ। ପରିଶ୍ରମର ଉପଯୁକ୍ତ ଫଳ ମିଳିବ। ପରିବାରରେ ଆନନ୍ଦମୟ ପରିବେଶ ରହିବ। ସ୍ୱାସ୍ଥ୍ୟ ପ୍ରତି ଯତ୍ନବାନ ହେବା ଆବଶ୍ୟକ।
କୁମ୍ଭ
♒
ସମସ୍ୟା ସମାଧାନ ଲାଗି ଧୈର୍ଯ୍ୟ ଆବଶ୍ୟକ। ଆର୍ଥିକ ଦିଶରେ ସୁଧାର ଆସିବ। ନୂତନ କାର୍ଯ୍ୟ ଆରମ୍ଭ କରିବା ପୂର୍ବରୁ ଭଲ ଭାବରେ ଚିନ୍ତା କରିବା ଉଚିତ। ବନ୍ଧୁଙ୍କ ସହଯୋଗ ମିଳିବ। ଶିକ୍ଷା କ୍ଷେତ୍ରରେ ପ୍ରଗତି ହେବ। ଯାତ୍ରା ଶୁଭ ରହିବ।
ମୀନ
♓
ଆଜି ପୂର୍ବରୁ ଯୋଜନା କରି ରଖିଥିବା କାମ ସଫଳ ହେବ। ଅର୍ଥ ଲାଭ ହେବ। କର୍ମକ୍ଷେତ୍ରରେ ପ୍ରଶଂସା ମିଳିବ। ପରିବାରରେ ଶୁଭ ଅନୁଷ୍ଠାନ ହେବ। ବିଦ୍ୟାର୍ଥୀଙ୍କ ପାଇଁ ସମୟ ଭଲ। ସ୍ୱାସ୍ଥ୍ୟ ଭଲ ରହିବ। ମନରେ ଆତ୍ମବିଶ୍ୱାସ ବୃଦ୍ଧି ପାଇବ।
ଆଜି ଫେବୃଆରୀ ୧୪ ତାରିଖ, ଶୁକ୍ଳପକ୍ଷ ଚତୁର୍ଦ୍ଦଶୀ, ମାଘମାସ—ଭୁବନେଶ୍ୱର। ସୂର୍ଯ୍ୟୋଦୟ ୬.୨୩ ମି. ଓ ସୂର୍ଯ୍ୟାସ୍ତ ୫.୪୭ ମି., ଚନ୍ଦ୍ରୋଦୟ ୫.୦୯ ମି., ଅମୃତଯୋଗ ୮.୧୫ ରୁ ୧୦.୩୮ ମି., ରାତି ୯.୧୯ ରୁ ୧୧.୪୨ ମି., ରାହୁକାଳ ୧୦.୩୦ ରୁ ୧୨ ମି.
4
